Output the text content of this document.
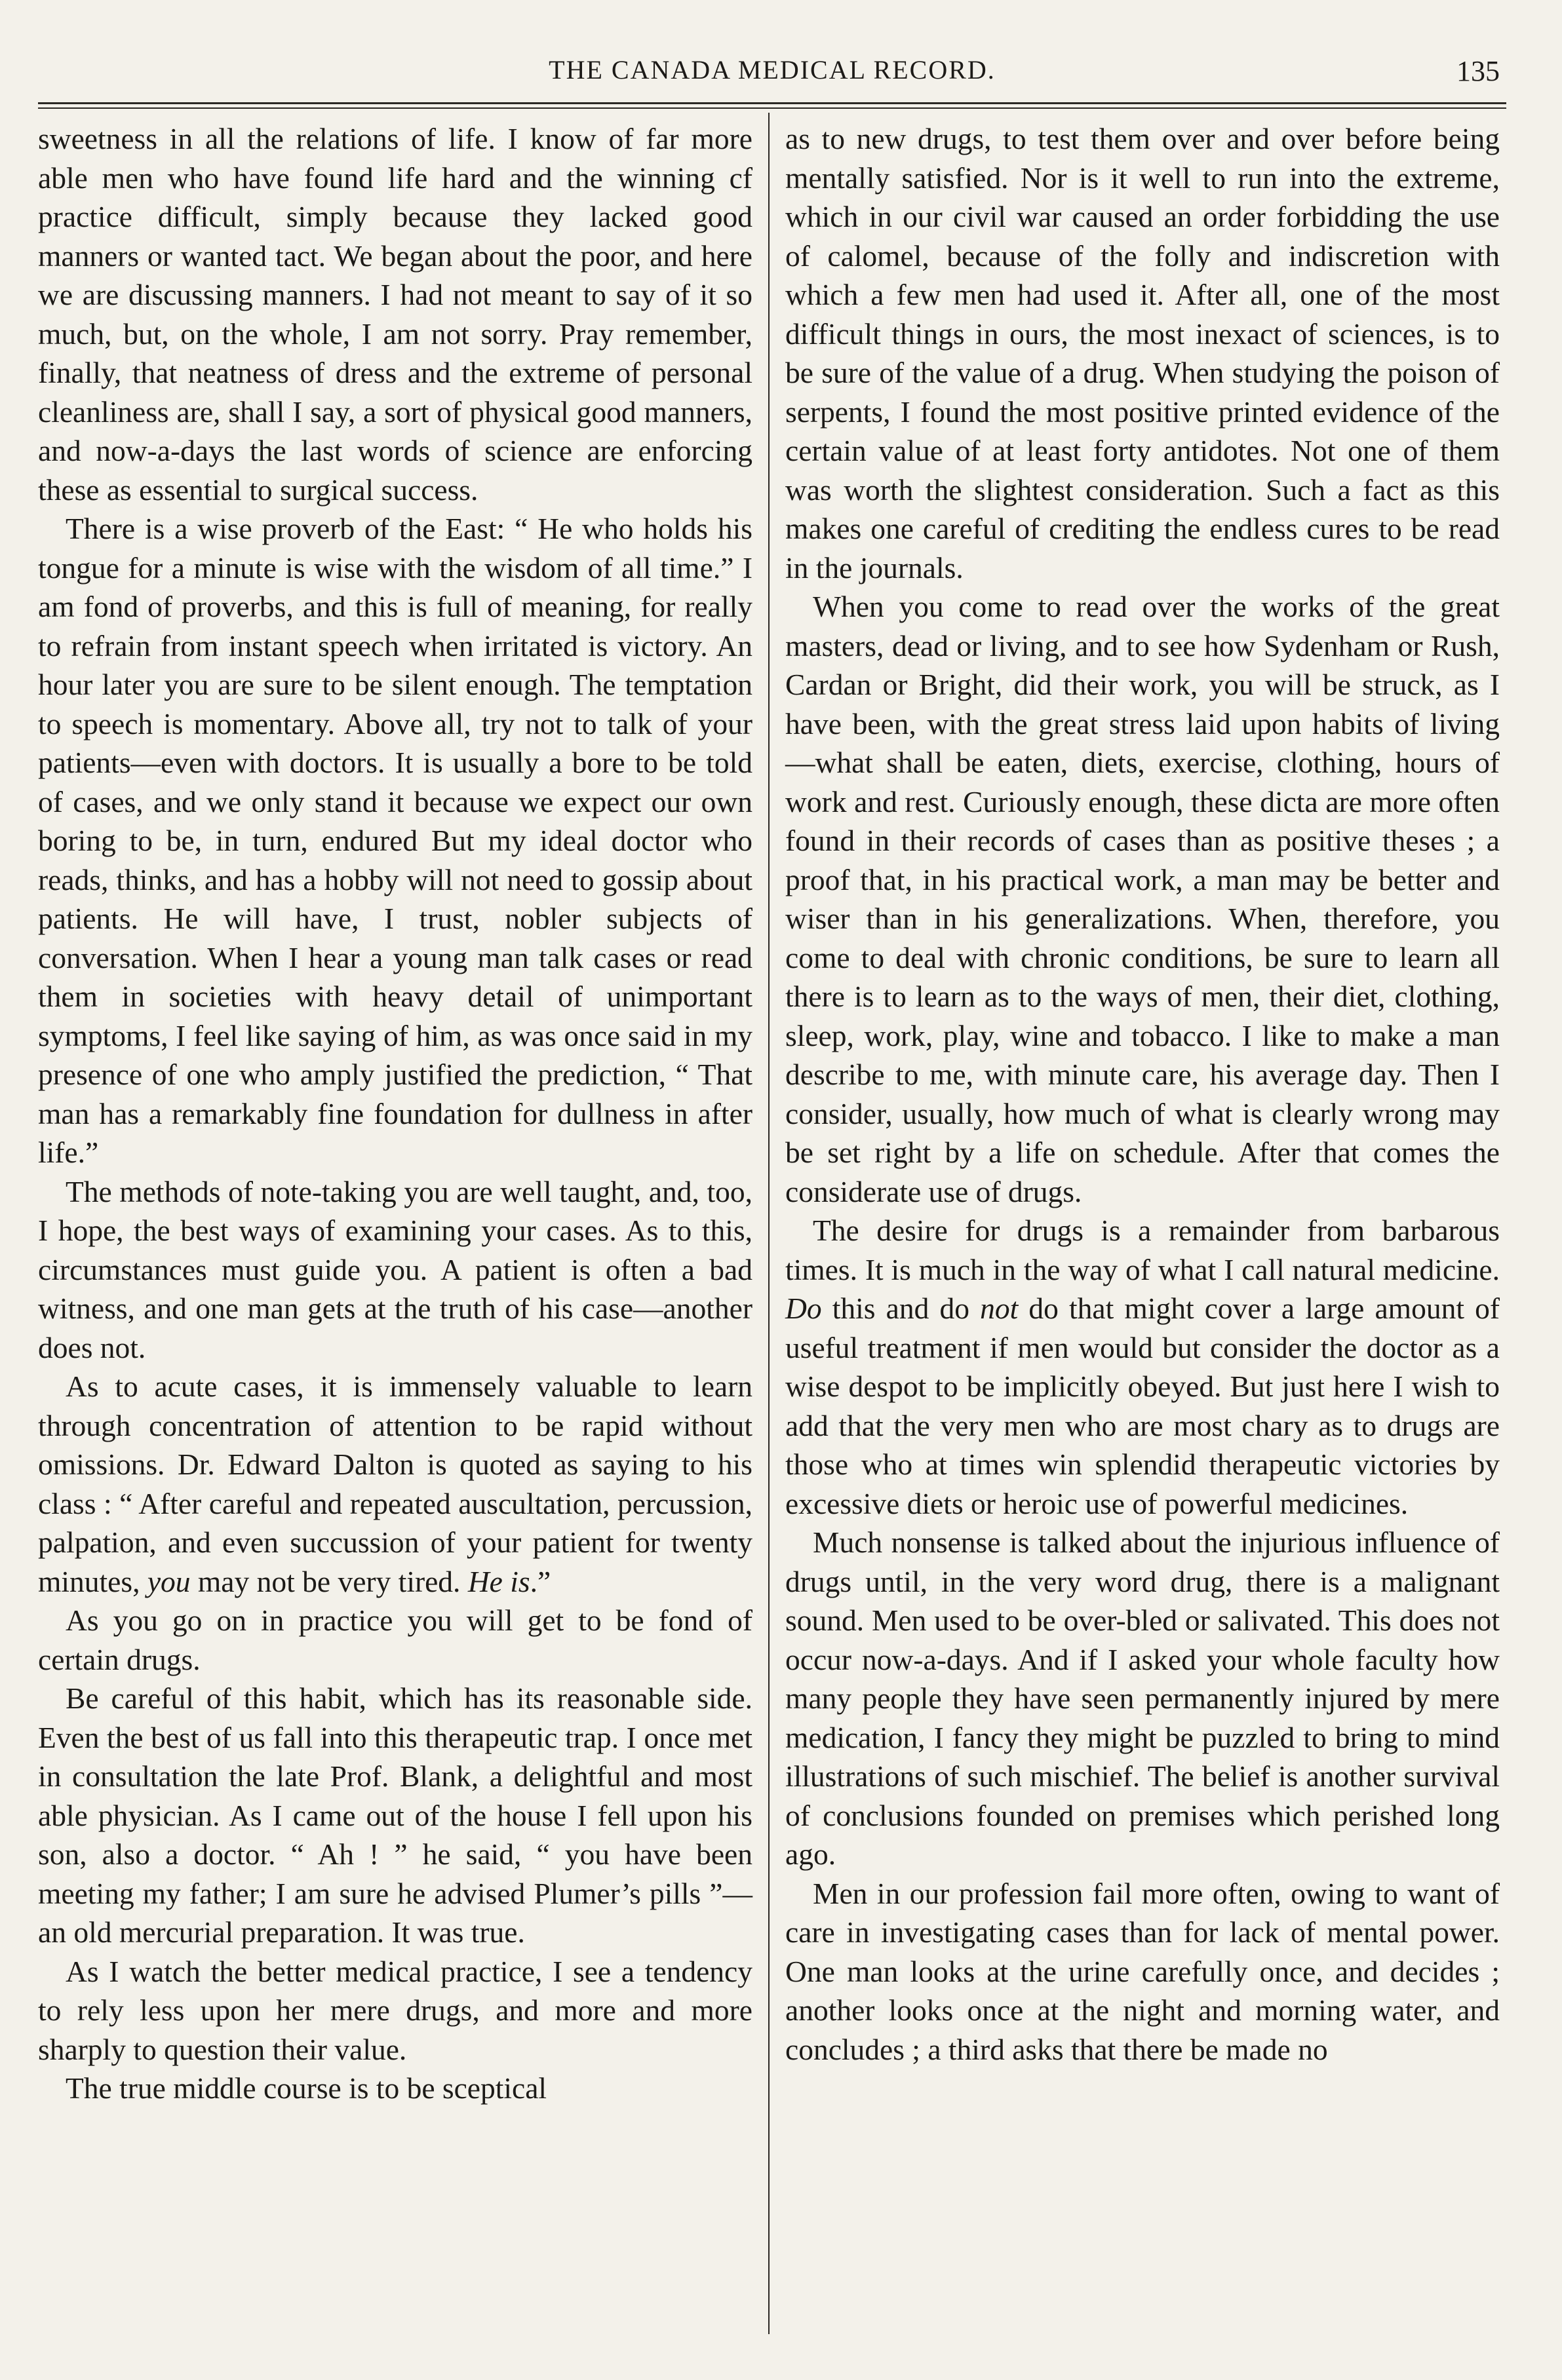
THE CANADA MEDICAL RECORD.	135

sweetness in all the relations of life. I know of far more able men who have found life hard and the winning cf practice difficult, simply because they lacked good manners or wanted tact. We began about the poor, and here we are discussing manners. I had not meant to say of it so much, but, on the whole, I am not sorry. Pray remember, finally, that neatness of dress and the extreme of personal cleanliness are, shall I say, a sort of physical good manners, and now-a-days the last words of science are enforcing these as essential to surgical success.

There is a wise proverb of the East: “ He who holds his tongue for a minute is wise with the wisdom of all time.” I am fond of proverbs, and this is full of meaning, for really to refrain from instant speech when irritated is victory. An hour later you are sure to be silent enough. The temptation to speech is momentary. Above all, try not to talk of your patients—even with doctors. It is usually a bore to be told of cases, and we only stand it because we expect our own boring to be, in turn, endured But my ideal doctor who reads, thinks, and has a hobby will not need to gossip about patients. He will have, I trust, nobler subjects of conversation. When I hear a young man talk cases or read them in societies with heavy detail of unimportant symptoms, I feel like saying of him, as was once said in my presence of one who amply justified the prediction, “ That man has a remarkably fine foundation for dullness in after life.”

The methods of note-taking you are well taught, and, too, I hope, the best ways of examining your cases. As to this, circumstances must guide you. A patient is often a bad witness, and one man gets at the truth of his case—another does not.

As to acute cases, it is immensely valuable to learn through concentration of attention to be rapid without omissions. Dr. Edward Dalton is quoted as saying to his class : “ After careful and repeated auscultation, percussion, palpation, and even succussion of your patient for twenty minutes, you may not be very tired. He is.”

As you go on in practice you will get to be fond of certain drugs.

Be careful of this habit, which has its reasonable side. Even the best of us fall into this therapeutic trap. I once met in consultation the late Prof. Blank, a delightful and most able physician. As I came out of the house I fell upon his son, also a doctor. “ Ah ! ” he said, “ you have been meeting my father; I am sure he advised Plumer’s pills ”—an old mercurial preparation. It was true.

As I watch the better medical practice, I see a tendency to rely less upon her mere drugs, and more and more sharply to question their value.

The true middle course is to be sceptical

as to new drugs, to test them over and over before being mentally satisfied. Nor is it well to run into the extreme, which in our civil war caused an order forbidding the use of calomel, because of the folly and indiscretion with which a few men had used it. After all, one of the most difficult things in ours, the most inexact of sciences, is to be sure of the value of a drug. When studying the poison of serpents, I found the most positive printed evidence of the certain value of at least forty antidotes. Not one of them was worth the slightest consideration. Such a fact as this makes one careful of crediting the endless cures to be read in the journals.

When you come to read over the works of the great masters, dead or living, and to see how Sydenham or Rush, Cardan or Bright, did their work, you will be struck, as I have been, with the great stress laid upon habits of living —what shall be eaten, diets, exercise, clothing, hours of work and rest. Curiously enough, these dicta are more often found in their records of cases than as positive theses ; a proof that, in his practical work, a man may be better and wiser than in his generalizations. When, therefore, you come to deal with chronic conditions, be sure to learn all there is to learn as to the ways of men, their diet, clothing, sleep, work, play, wine and tobacco. I like to make a man describe to me, with minute care, his average day. Then I consider, usually, how much of what is clearly wrong may be set right by a life on schedule. After that comes the considerate use of drugs.

The desire for drugs is a remainder from barbarous times. It is much in the way of what I call natural medicine. Do this and do not do that might cover a large amount of useful treatment if men would but consider the doctor as a wise despot to be implicitly obeyed. But just here I wish to add that the very men who are most chary as to drugs are those who at times win splendid therapeutic victories by excessive diets or heroic use of powerful medicines.

Much nonsense is talked about the injurious influence of drugs until, in the very word drug, there is a malignant sound. Men used to be over-bled or salivated. This does not occur now-a-days. And if I asked your whole faculty how many people they have seen permanently injured by mere medication, I fancy they might be puzzled to bring to mind illustrations of such mischief. The belief is another survival of conclusions founded on premises which perished long ago.

Men in our profession fail more often, owing to want of care in investigating cases than for lack of mental power. One man looks at the urine carefully once, and decides ; another looks once at the night and morning water, and concludes ; a third asks that there be made no
